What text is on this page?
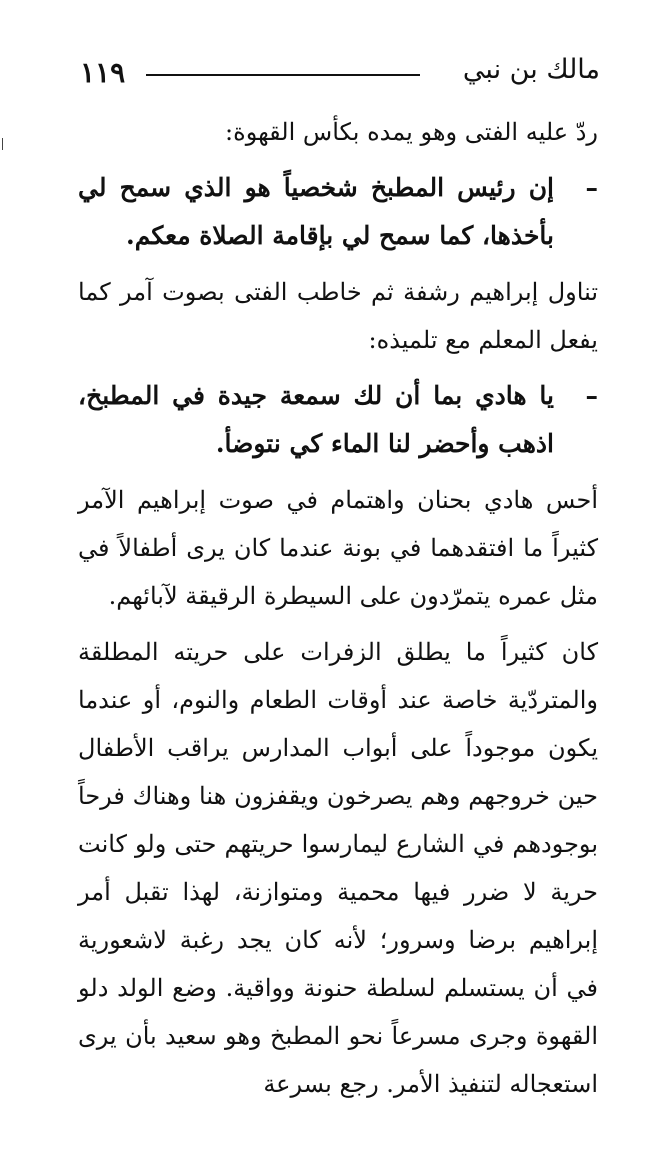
١١٩	مالك بن نبي

ردّ عليه الفتى وهو يمده بكأس القهوة:

–
إن رئيس المطبخ شخصياً هو الذي سمح لي بأخذها، كما سمح لي بإقامة الصلاة معكم.

تناول إبراهيم رشفة ثم خاطب الفتى بصوت آمر كما يفعل المعلم مع تلميذه:

–
يا هادي بما أن لك سمعة جيدة في المطبخ، اذهب وأحضر لنا الماء كي نتوضأ.

أحس هادي بحنان واهتمام في صوت إبراهيم الآمر كثيراً ما افتقدهما في بونة عندما كان يرى أطفالاً في مثل عمره يتمرّدون على السيطرة الرقيقة لآبائهم.

كان كثيراً ما يطلق الزفرات على حريته المطلقة والمتردّية خاصة عند أوقات الطعام والنوم، أو عندما يكون موجوداً على أبواب المدارس يراقب الأطفال حين خروجهم وهم يصرخون ويقفزون هنا وهناك فرحاً بوجودهم في الشارع ليمارسوا حريتهم حتى ولو كانت حرية لا ضرر فيها محمية ومتوازنة، لهذا تقبل أمر إبراهيم برضا وسرور؛ لأنه كان يجد رغبة لاشعورية في أن يستسلم لسلطة حنونة وواقية. وضع الولد دلو القهوة وجرى مسرعاً نحو المطبخ وهو سعيد بأن يرى استعجاله لتنفيذ الأمر. رجع بسرعة
